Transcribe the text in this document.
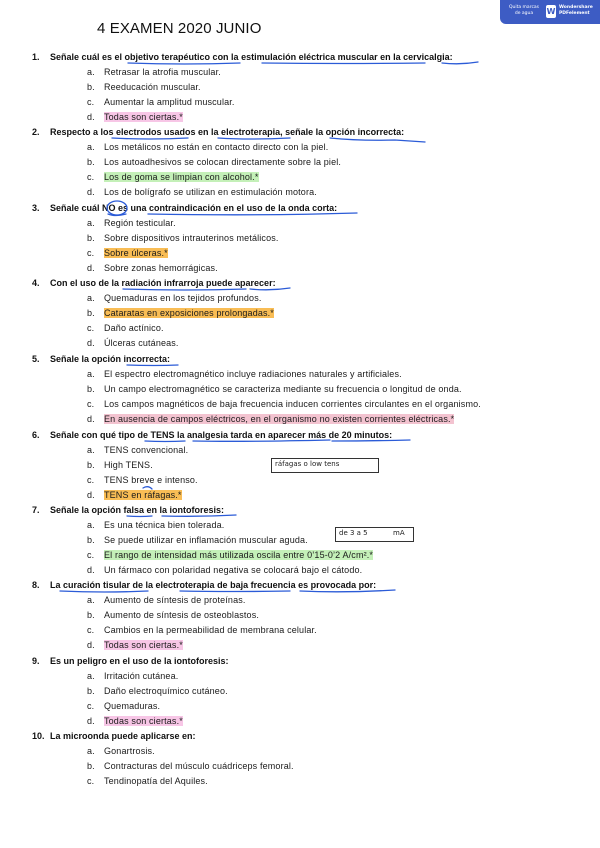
4 EXAMEN 2020 JUNIO
Quita marcas
de agua	W Wondershare
PDFelement
1. Señale cuál es el objetivo terapéutico con la estimulación eléctrica muscular en la cervicalgia:
a. Retrasar la atrofia muscular.
b. Reeducación muscular.
c. Aumentar la amplitud muscular.
d. Todas son ciertas.*
2. Respecto a los electrodos usados en la electroterapia, señale la opción incorrecta:
a. Los metálicos no están en contacto directo con la piel.
b. Los autoadhesivos se colocan directamente sobre la piel.
c. Los de goma se limpian con alcohol.*
d. Los de bolígrafo se utilizan en estimulación motora.
3. Señale cuál NO es una contraindicación en el uso de la onda corta:
a. Región testicular.
b. Sobre dispositivos intrauterinos metálicos.
c. Sobre úlceras.*
d. Sobre zonas hemorrágicas.
4. Con el uso de la radiación infrarroja puede aparecer:
a. Quemaduras en los tejidos profundos.
b. Cataratas en exposiciones prolongadas.*
c. Daño actínico.
d. Úlceras cutáneas.
5. Señale la opción incorrecta:
a. El espectro electromagnético incluye radiaciones naturales y artificiales.
b. Un campo electromagnético se caracteriza mediante su frecuencia o longitud de onda.
c. Los campos magnéticos de baja frecuencia inducen corrientes circulantes en el organismo.
d. En ausencia de campos eléctricos, en el organismo no existen corrientes eléctricas.*
6. Señale con qué tipo de TENS la analgesia tarda en aparecer más de 20 minutos:
a. TENS convencional.
b. High TENS.
c. TENS breve e intenso.
d. TENS en ráfagas.*
ráfagas o low tens
7. Señale la opción falsa en la iontoforesis:
a. Es una técnica bien tolerada.
b. Se puede utilizar en inflamación muscular aguda.
c. El rango de intensidad más utilizada oscila entre 0’15-0’2 A/cm².*
d. Un fármaco con polaridad negativa se colocará bajo el cátodo.
de 3 a 5	mA
8. La curación tisular de la electroterapia de baja frecuencia es provocada por:
a. Aumento de síntesis de proteínas.
b. Aumento de síntesis de osteoblastos.
c. Cambios en la permeabilidad de membrana celular.
d. Todas son ciertas.*
9. Es un peligro en el uso de la iontoforesis:
a. Irritación cutánea.
b. Daño electroquímico cutáneo.
c. Quemaduras.
d. Todas son ciertas.*
10. La microonda puede aplicarse en:
a. Gonartrosis.
b. Contracturas del músculo cuádriceps femoral.
c. Tendinopatía del Aquiles.
